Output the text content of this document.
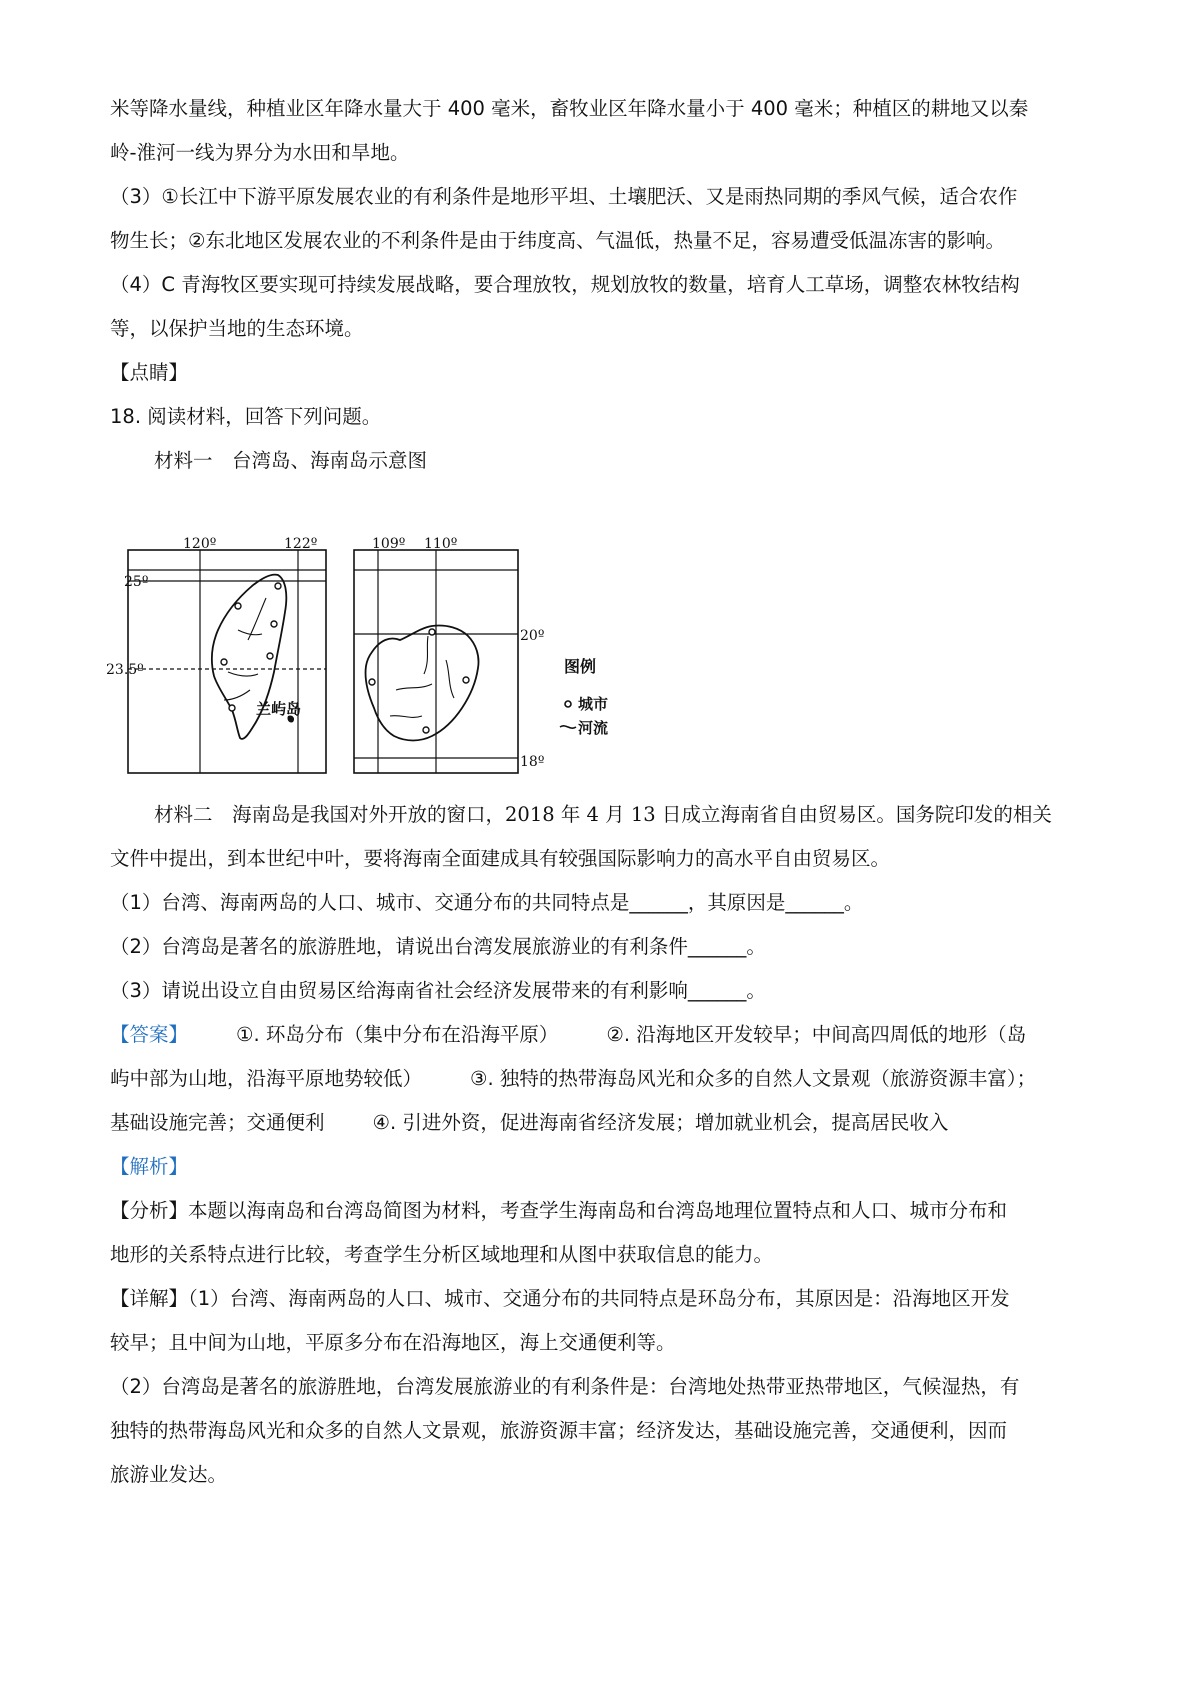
米等降水量线，种植业区年降水量大于 400 毫米，畜牧业区年降水量小于 400 毫米；种植区的耕地又以秦
岭-淮河一线为界分为水田和旱地。
（3）①长江中下游平原发展农业的有利条件是地形平坦、土壤肥沃、又是雨热同期的季风气候，适合农作
物生长；②东北地区发展农业的不利条件是由于纬度高、气温低，热量不足，容易遭受低温冻害的影响。
（4）C 青海牧区要实现可持续发展战略，要合理放牧，规划放牧的数量，培育人工草场，调整农林牧结构
等，以保护当地的生态环境。
【点睛】
18. 阅读材料，回答下列问题。
材料一　台湾岛、海南岛示意图
兰屿岛
120º	122º
25º
23.5º
109º 110º
20º
18º
图例
城市
河流
材料二　海南岛是我国对外开放的窗口，2018 年 4 月 13 日成立海南省自由贸易区。国务院印发的相关
文件中提出，到本世纪中叶，要将海南全面建成具有较强国际影响力的高水平自由贸易区。
（1）台湾、海南两岛的人口、城市、交通分布的共同特点是______，其原因是______。
（2）台湾岛是著名的旅游胜地，请说出台湾发展旅游业的有利条件______。
（3）请说出设立自由贸易区给海南省社会经济发展带来的有利影响______。
【答案】 ①. 环岛分布（集中分布在沿海平原） ②. 沿海地区开发较早；中间高四周低的地形（岛
屿中部为山地，沿海平原地势较低） ③. 独特的热带海岛风光和众多的自然人文景观（旅游资源丰富）；
基础设施完善；交通便利 ④. 引进外资，促进海南省经济发展；增加就业机会，提高居民收入
【解析】
【分析】本题以海南岛和台湾岛简图为材料，考查学生海南岛和台湾岛地理位置特点和人口、城市分布和
地形的关系特点进行比较，考查学生分析区域地理和从图中获取信息的能力。
【详解】（1）台湾、海南两岛的人口、城市、交通分布的共同特点是环岛分布，其原因是：沿海地区开发
较早；且中间为山地，平原多分布在沿海地区，海上交通便利等。
（2）台湾岛是著名的旅游胜地，台湾发展旅游业的有利条件是：台湾地处热带亚热带地区，气候湿热，有
独特的热带海岛风光和众多的自然人文景观，旅游资源丰富；经济发达，基础设施完善，交通便利，因而
旅游业发达。
